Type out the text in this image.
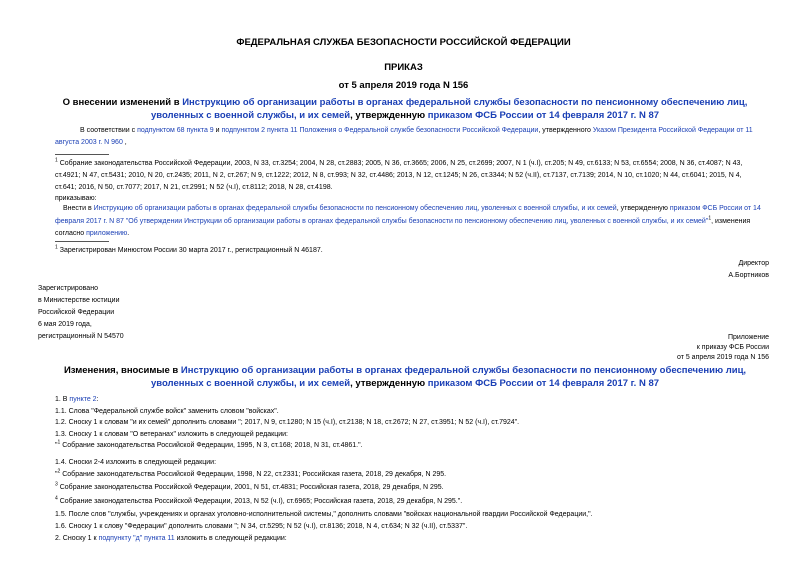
ФЕДЕРАЛЬНАЯ СЛУЖБА БЕЗОПАСНОСТИ РОССИЙСКОЙ ФЕДЕРАЦИИ
ПРИКАЗ
от 5 апреля 2019 года N 156
О внесении изменений в Инструкцию об организации работы в органах федеральной службы безопасности по пенсионному обеспечению лиц, уволенных с военной службы, и их семей, утвержденную приказом ФСБ России от 14 февраля 2017 г. N 87
В соответствии с подпунктом 68 пункта 9 и подпунктом 2 пункта 11 Положения о Федеральной службе безопасности Российской Федерации, утвержденного Указом Президента Российской Федерации от 11 августа 2003 г. N 960 ,
$^1$ Собрание законодательства Российской Федерации, 2003, N 33, ст.3254; 2004, N 28, ст.2883; 2005, N 36, ст.3665; 2006, N 25, ст.2699; 2007, N 1 (ч.I), ст.205; N 49, ст.6133; N 53, ст.6554; 2008, N 36, ст.4087; N 43,
ст.4921; N 47, ст.5431; 2010, N 20, ст.2435; 2011, N 2, ст.267; N 9, ст.1222; 2012, N 8, ст.993; N 32, ст.4486; 2013, N 12, ст.1245; N 26, ст.3344; N 52 (ч.II), ст.7137, ст.7139; 2014, N 10, ст.1020; N 44, ст.6041; 2015, N 4,
ст.641; 2016, N 50, ст.7077; 2017, N 21, ст.2991; N 52 (ч.I), ст.8112; 2018, N 28, ст.4198.
приказываю:
Внести в Инструкцию об организации работы в органах федеральной службы безопасности по пенсионному обеспечению лиц, уволенных с военной службы, и их семей, утвержденную приказом ФСБ России от 14
февраля 2017 г. N 87 "Об утверждении Инструкции об организации работы в органах федеральной службы безопасности по пенсионному обеспечению лиц, уволенных с военной службы, и их семей"$^1$, изменения
согласно приложению.
$^1$ Зарегистрирован Минюстом России 30 марта 2017 г., регистрационный N 46187.
Директор
А.Бортников
Зарегистрировано
в Министерстве юстиции
Российской Федерации
6 мая 2019 года,
регистрационный N 54570	Приложение
к приказу ФСБ России
от 5 апреля 2019 года N 156
Изменения, вносимые в Инструкцию об организации работы в органах федеральной службы безопасности по пенсионному обеспечению лиц, уволенных с военной службы, и их семей, утвержденную приказом ФСБ России от 14 февраля 2017 г. N 87
1. В пункте 2:
1.1. Слова "Федеральной службе войск" заменить словом "войсках".
1.2. Сноску 1 к словам "и их семей" дополнить словами "; 2017, N 9, ст.1280; N 15 (ч.I), ст.2138; N 18, ст.2672; N 27, ст.3951; N 52 (ч.I), ст.7924".
1.3. Сноску 1 к словам "О ветеранах" изложить в следующей редакции:
"$^1$ Собрание законодательства Российской Федерации, 1995, N 3, ст.168; 2018, N 31, ст.4861.".
1.4. Сноски 2-4 изложить в следующей редакции:
"$^2$ Собрание законодательства Российской Федерации, 1998, N 22, ст.2331; Российская газета, 2018, 29 декабря, N 295.
$^3$ Собрание законодательства Российской Федерации, 2001, N 51, ст.4831; Российская газета, 2018, 29 декабря, N 295.
$^4$ Собрание законодательства Российской Федерации, 2013, N 52 (ч.I), ст.6965; Российская газета, 2018, 29 декабря, N 295.".
1.5. После слов "службы, учреждениях и органах уголовно-исполнительной системы," дополнить словами "войсках национальной гвардии Российской Федерации,".
1.6. Сноску 1 к слову "Федерации" дополнить словами "; N 34, ст.5295; N 52 (ч.I), ст.8136; 2018, N 4, ст.634; N 32 (ч.II), ст.5337".
2. Сноску 1 к подпункту "д" пункта 11 изложить в следующей редакции:
